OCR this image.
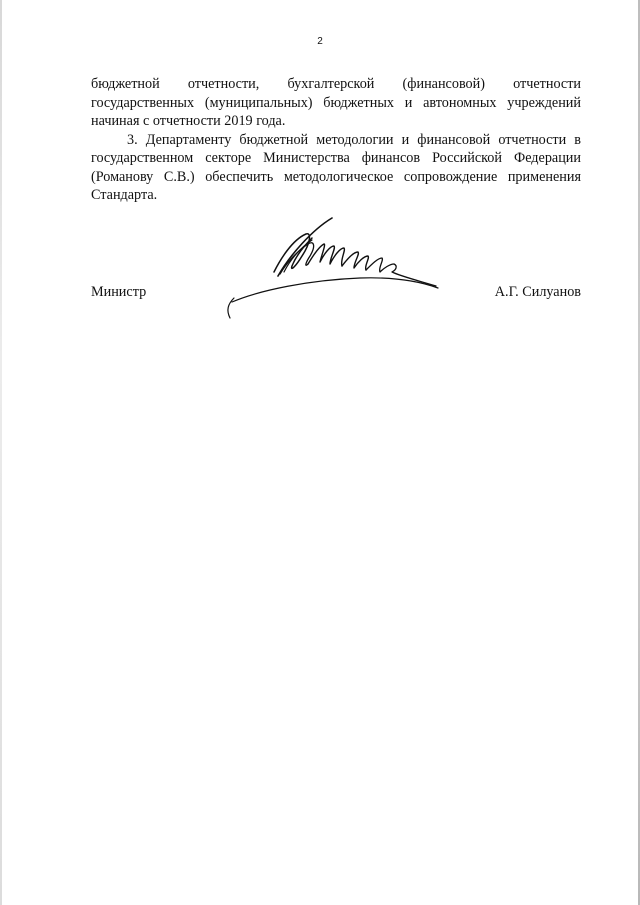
2

бюджетной отчетности, бухгалтерской (финансовой) отчетности государственных (муниципальных) бюджетных и автономных учреждений начиная с отчетности 2019 года.

3. Департаменту бюджетной методологии и финансовой отчетности в государственном секторе Министерства финансов Российской Федерации (Романову С.В.) обеспечить методологическое сопровождение применения Стандарта.

Министр	А.Г. Силуанов
